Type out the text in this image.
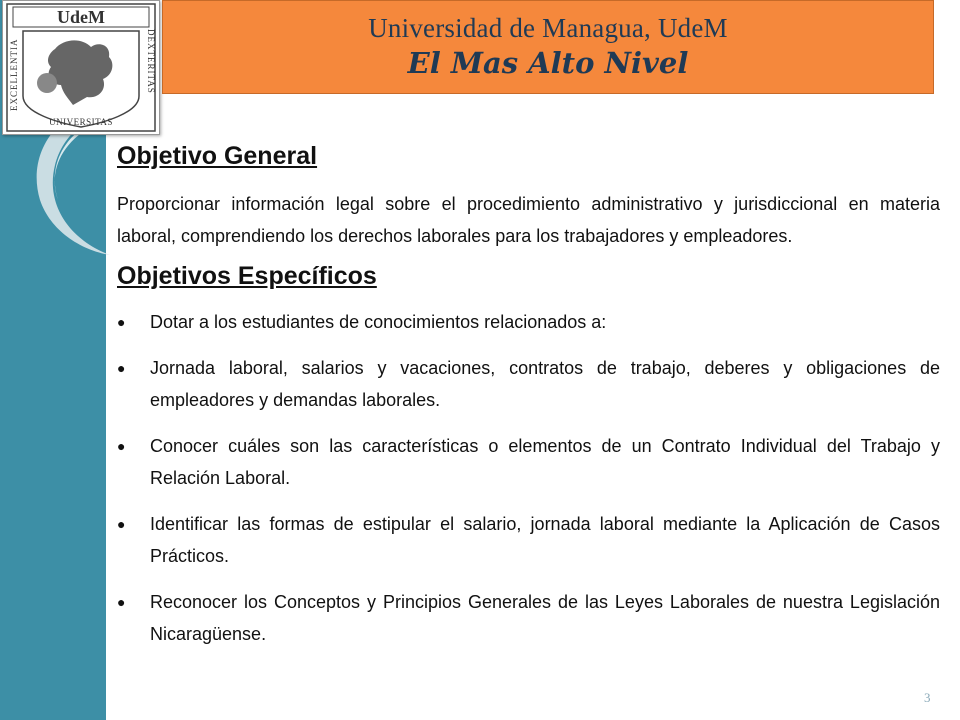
UdeM
EXCELLENTIA	DEXTERITAS
UNIVERSITAS
Universidad de Managua, UdeM
El Mas Alto Nivel
Objetivo General

Proporcionar información legal sobre el procedimiento administrativo y jurisdiccional en materia laboral, comprendiendo los derechos laborales para los trabajadores y empleadores.

Objetivos Específicos
● Dotar a los estudiantes de conocimientos relacionados a:
● Jornada laboral, salarios y vacaciones, contratos de trabajo, deberes y obligaciones de empleadores y demandas laborales.
● Conocer cuáles son las características o elementos de un Contrato Individual del Trabajo y Relación Laboral.
● Identificar las formas de estipular el salario, jornada laboral mediante la Aplicación de Casos Prácticos.
● Reconocer los Conceptos y Principios Generales de las Leyes Laborales de nuestra Legislación Nicaragüense.
3
